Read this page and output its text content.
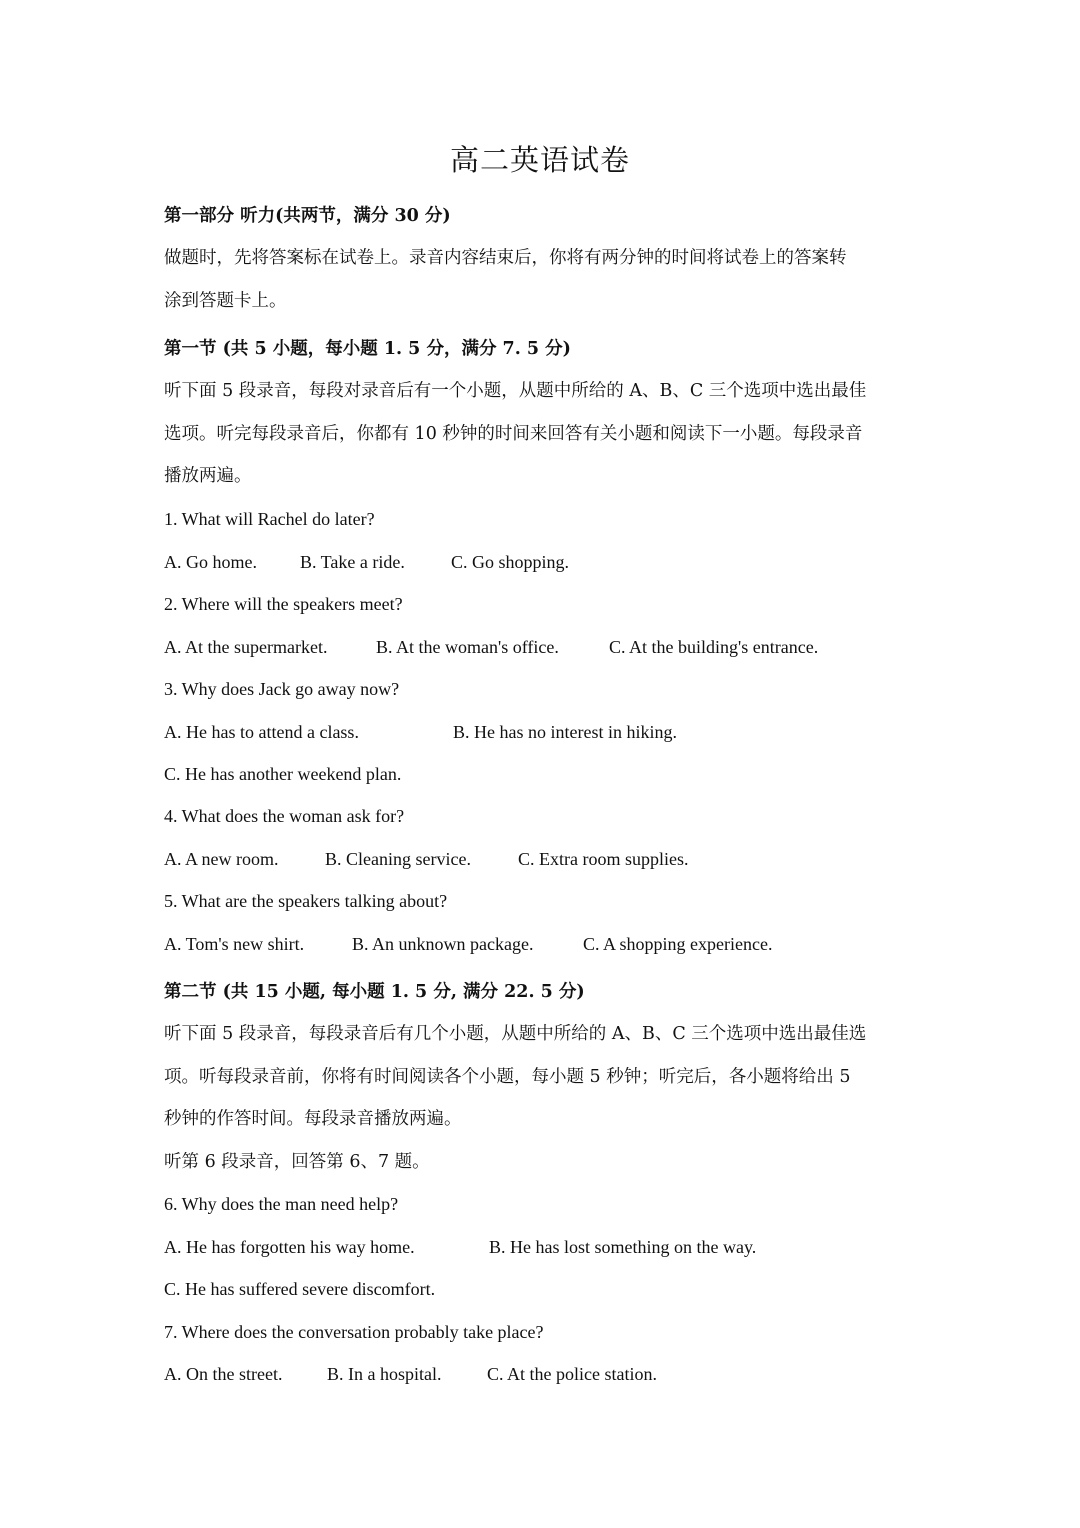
高二英语试卷
第一部分 听力(共两节，满分 30 分)
做题时，先将答案标在试卷上。录音内容结束后，你将有两分钟的时间将试卷上的答案转
涂到答题卡上。
第一节 (共 5 小题，每小题 1. 5 分，满分 7. 5 分)
听下面 5 段录音，每段对录音后有一个小题，从题中所给的 A、B、C 三个选项中选出最佳
选项。听完每段录音后，你都有 10 秒钟的时间来回答有关小题和阅读下一小题。每段录音
播放两遍。
1. What will Rachel do later?
A. Go home. B. Take a ride.	C. Go shopping.
2. Where will the speakers meet?
A. At the supermarket.	B. At the woman's office.	C. At the building's entrance.
3. Why does Jack go away now?
A. He has to attend a class.	B. He has no interest in hiking.
C. He has another weekend plan.
4. What does the woman ask for?
A. A new room.	B. Cleaning service.	C. Extra room supplies.
5. What are the speakers talking about?
A. Tom's new shirt.	B. An unknown package.	C. A shopping experience.
第二节 (共 15 小题, 每小题 1. 5 分, 满分 22. 5 分)
听下面 5 段录音，每段录音后有几个小题，从题中所给的 A、B、C 三个选项中选出最佳选
项。听每段录音前，你将有时间阅读各个小题，每小题 5 秒钟；听完后，各小题将给出 5
秒钟的作答时间。每段录音播放两遍。
听第 6 段录音，回答第 6、7 题。
6. Why does the man need help?
A. He has forgotten his way home.	B. He has lost something on the way.
C. He has suffered severe discomfort.
7. Where does the conversation probably take place?
A. On the street. B. In a hospital.	C. At the police station.
